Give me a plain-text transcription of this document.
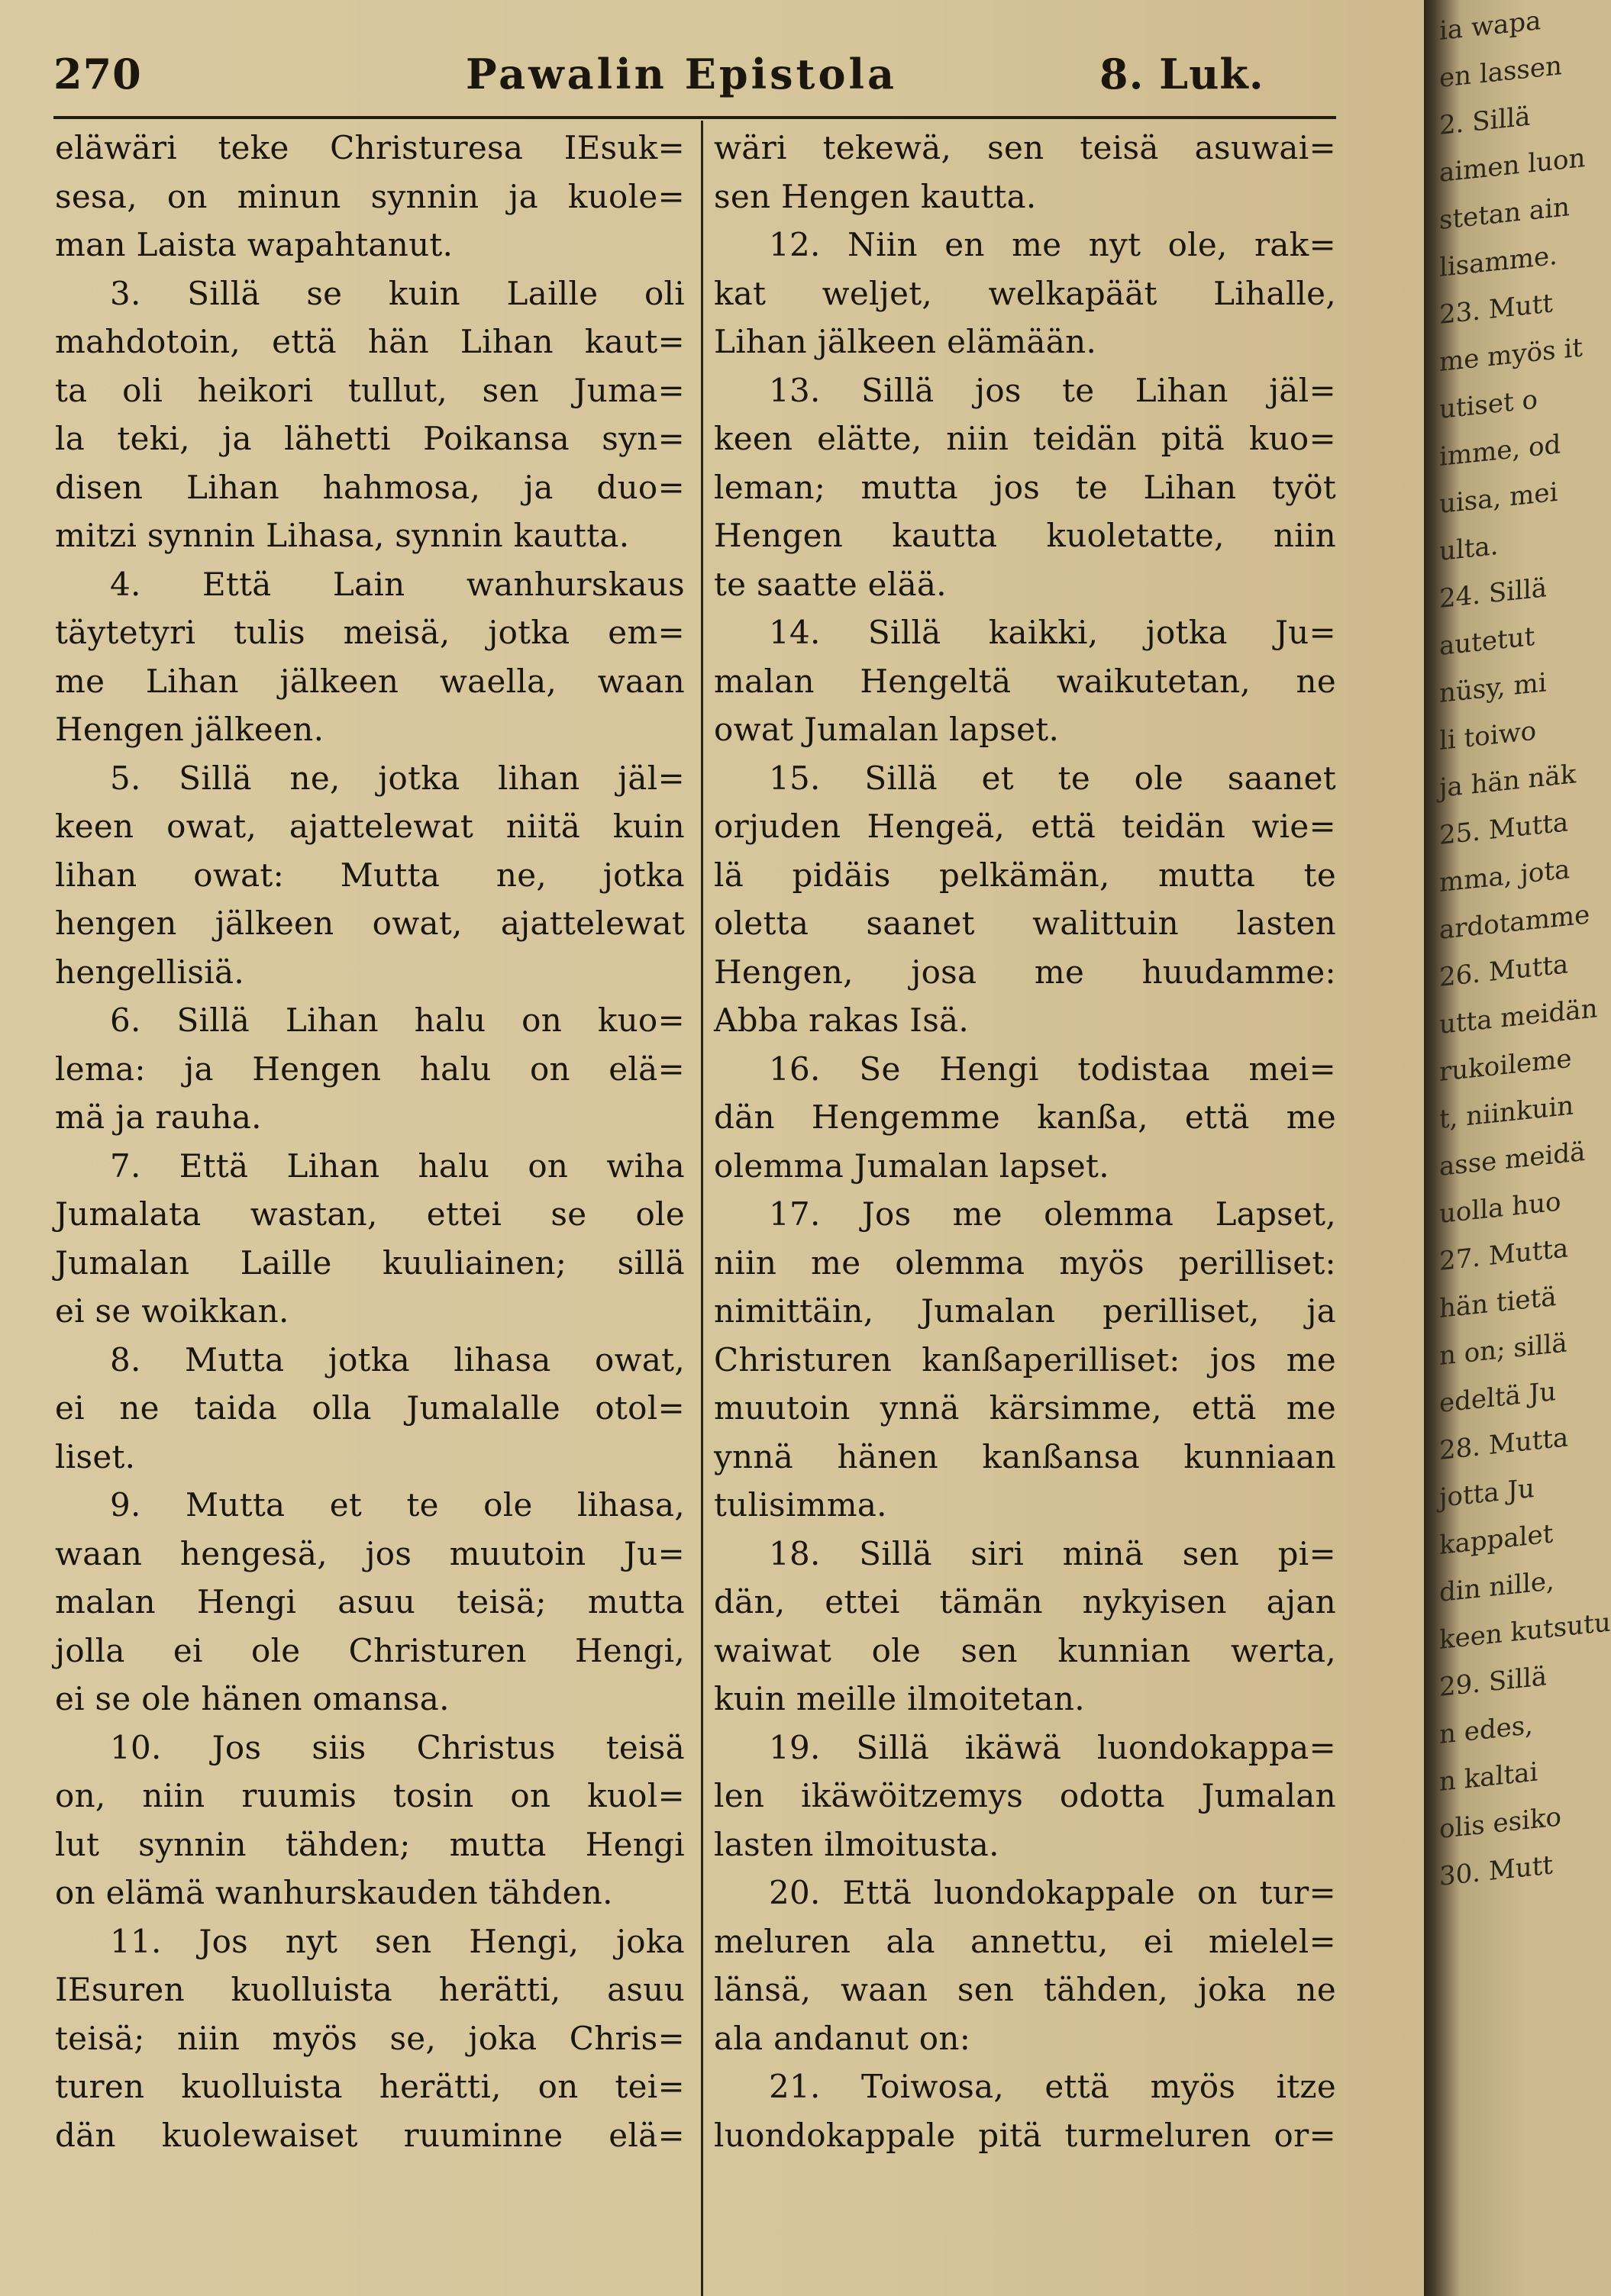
270	Pawalin Epistola	8. Luk.
eläwäri teke Christuresa IEsuk=
sesa, on minun synnin ja kuole=
man Laista wapahtanut.
3. Sillä se kuin Laille oli
mahdotoin, että hän Lihan kaut=
ta oli heikori tullut, sen Juma=
la teki, ja lähetti Poikansa syn=
disen Lihan hahmosa, ja duo=
mitzi synnin Lihasa, synnin kautta.
4. Että Lain wanhurskaus
täytetyri tulis meisä, jotka em=
me Lihan jälkeen waella, waan
Hengen jälkeen.
5. Sillä ne, jotka lihan jäl=
keen owat, ajattelewat niitä kuin
lihan owat: Mutta ne, jotka
hengen jälkeen owat, ajattelewat
hengellisiä.
6. Sillä Lihan halu on kuo=
lema: ja Hengen halu on elä=
mä ja rauha.
7. Että Lihan halu on wiha
Jumalata wastan, ettei se ole
Jumalan Laille kuuliainen; sillä
ei se woikkan.
8. Mutta jotka lihasa owat,
ei ne taida olla Jumalalle otol=
liset.
9. Mutta et te ole lihasa,
waan hengesä, jos muutoin Ju=
malan Hengi asuu teisä; mutta
jolla ei ole Christuren Hengi,
ei se ole hänen omansa.
10. Jos siis Christus teisä
on, niin ruumis tosin on kuol=
lut synnin tähden; mutta Hengi
on elämä wanhurskauden tähden.
11. Jos nyt sen Hengi, joka
IEsuren kuolluista herätti, asuu
teisä; niin myös se, joka Chris=
turen kuolluista herätti, on tei=
dän kuolewaiset ruuminne elä=
wäri tekewä, sen teisä asuwai=
sen Hengen kautta.
12. Niin en me nyt ole, rak=
kat weljet, welkapäät Lihalle,
Lihan jälkeen elämään.
13. Sillä jos te Lihan jäl=
keen elätte, niin teidän pitä kuo=
leman; mutta jos te Lihan työt
Hengen kautta kuoletatte, niin
te saatte elää.
14. Sillä kaikki, jotka Ju=
malan Hengeltä waikutetan, ne
owat Jumalan lapset.
15. Sillä et te ole saanet
orjuden Hengeä, että teidän wie=
lä pidäis pelkämän, mutta te
oletta saanet walittuin lasten
Hengen, josa me huudamme:
Abba rakas Isä.
16. Se Hengi todistaa mei=
dän Hengemme kanßa, että me
olemma Jumalan lapset.
17. Jos me olemma Lapset,
niin me olemma myös perilliset:
nimittäin, Jumalan perilliset, ja
Christuren kanßaperilliset: jos me
muutoin ynnä kärsimme, että me
ynnä hänen kanßansa kunniaan
tulisimma.
18. Sillä siri minä sen pi=
dän, ettei tämän nykyisen ajan
waiwat ole sen kunnian werta,
kuin meille ilmoitetan.
19. Sillä ikäwä luondokappa=
len ikäwöitzemys odotta Jumalan
lasten ilmoitusta.
20. Että luondokappale on tur=
meluren ala annettu, ei mielel=
länsä, waan sen tähden, joka ne
ala andanut on:
21. Toiwosa, että myös itze
luondokappale pitä turmeluren or=
ia wapa
en lassen
2. Sillä
aimen luon
stetan ain
lisamme.
23. Mutt
me myös it
utiset o
imme, od
uisa, mei
ulta.
24. Sillä
autetut
nüsy, mi
li toiwo
ja hän näk
25. Mutta
mma, jota
ardotamme
26. Mutta
utta meidän
rukoileme
t, niinkuin
asse meidä
uolla huo
27. Mutta
hän tietä
n on; sillä
edeltä Ju
28. Mutta
jotta Ju
kappalet
din nille,
keen kutsutu
29. Sillä
n edes,
n kaltai
olis esiko
30. Mutt
